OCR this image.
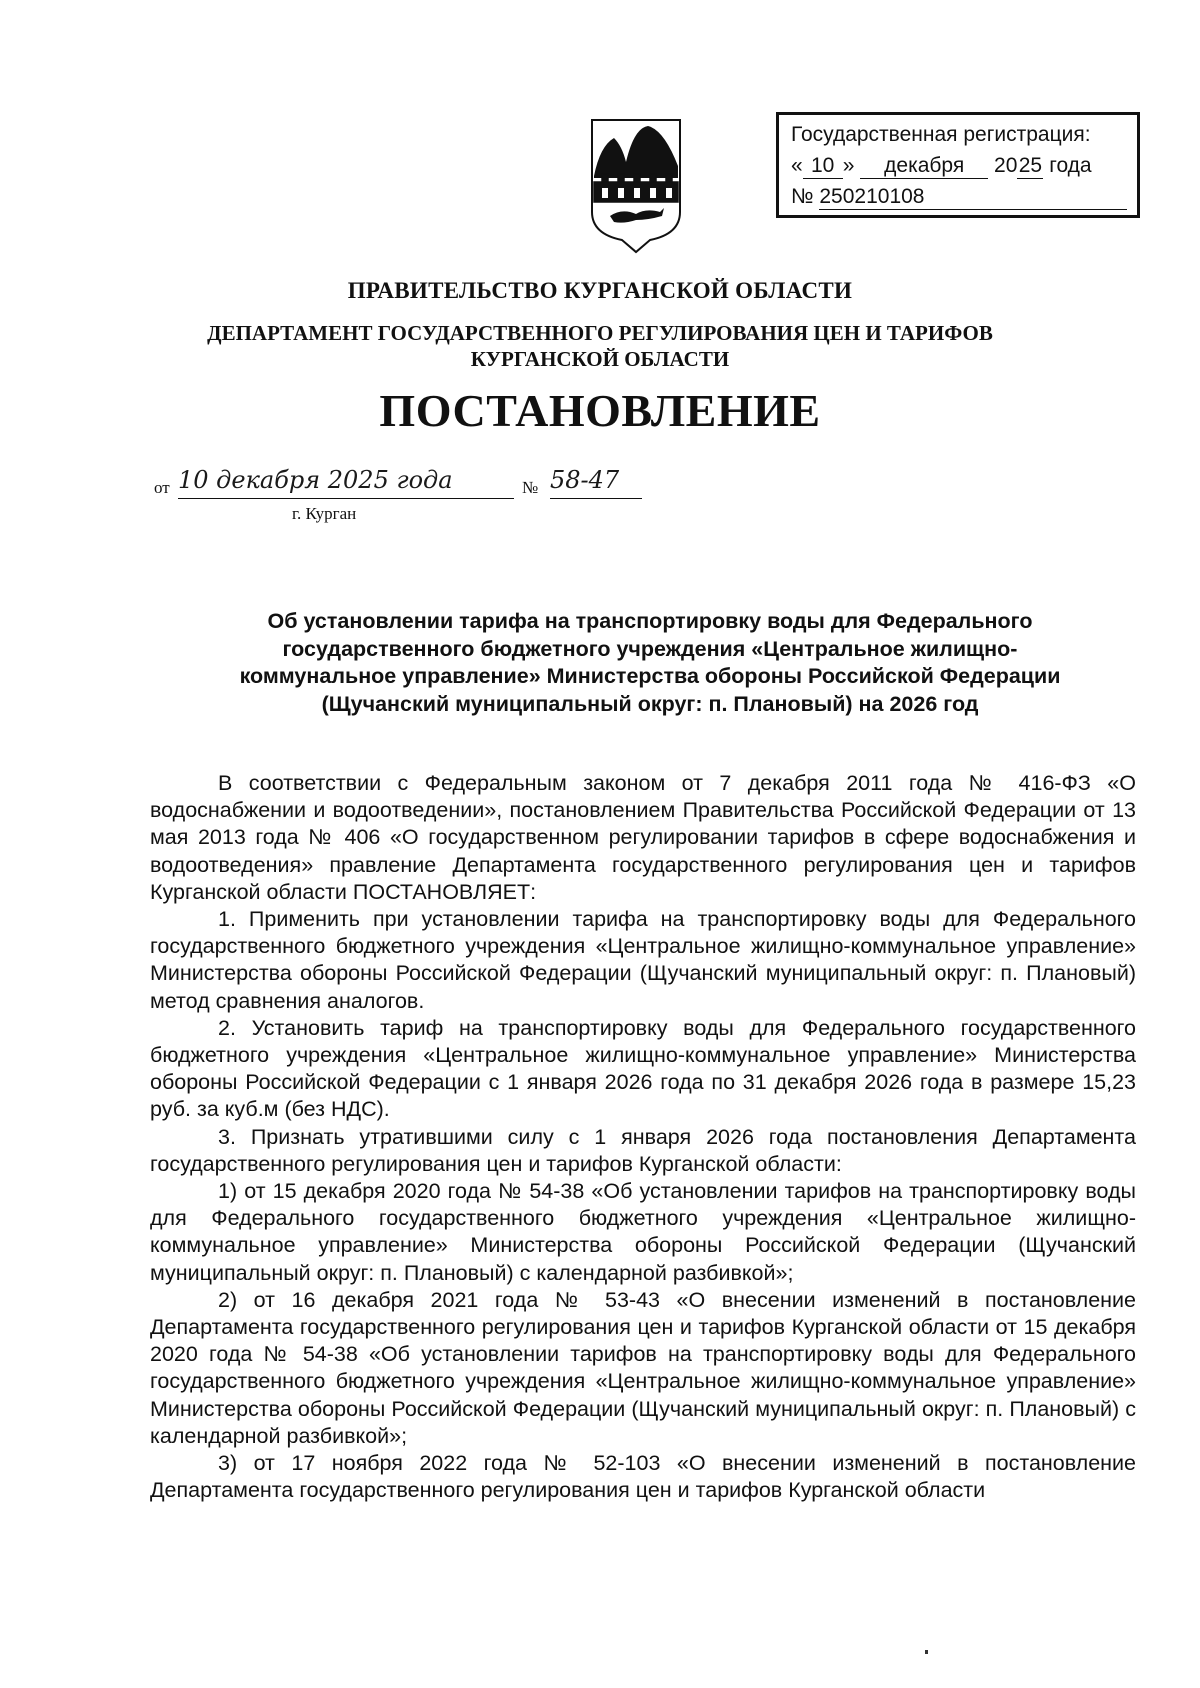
Государственная регистрация:
« 10 » декабря 2025 года
№ 250210108
ПРАВИТЕЛЬСТВО КУРГАНСКОЙ ОБЛАСТИ
ДЕПАРТАМЕНТ ГОСУДАРСТВЕННОГО РЕГУЛИРОВАНИЯ ЦЕН И ТАРИФОВ
КУРГАНСКОЙ ОБЛАСТИ
ПОСТАНОВЛЕНИЕ
от 10 декабря 2025 года	№ 58-47
г. Курган
Об установлении тарифа на транспортировку воды для Федерального
государственного бюджетного учреждения «Центральное жилищно-
коммунальное управление» Министерства обороны Российской Федерации
(Щучанский муниципальный округ: п. Плановый) на 2026 год

В соответствии с Федеральным законом от 7 декабря 2011 года № 416-ФЗ «О водоснабжении и водоотведении», постановлением Правительства Российской Федерации от 13 мая 2013 года № 406 «О государственном регулировании тарифов в сфере водоснабжения и водоотведения» правление Департамента государственного регулирования цен и тарифов Курганской области ПОСТАНОВЛЯЕТ:

1. Применить при установлении тарифа на транспортировку воды для Федерального государственного бюджетного учреждения «Центральное жилищно-коммунальное управление» Министерства обороны Российской Федерации (Щучанский муниципальный округ: п. Плановый) метод сравнения аналогов.

2. Установить тариф на транспортировку воды для Федерального государственного бюджетного учреждения «Центральное жилищно-коммунальное управление» Министерства обороны Российской Федерации с 1 января 2026 года по 31 декабря 2026 года в размере 15,23 руб. за куб.м (без НДС).

3. Признать утратившими силу с 1 января 2026 года постановления Департамента государственного регулирования цен и тарифов Курганской области:

1) от 15 декабря 2020 года № 54-38 «Об установлении тарифов на транспортировку воды для Федерального государственного бюджетного учреждения «Центральное жилищно-коммунальное управление» Министерства обороны Российской Федерации (Щучанский муниципальный округ: п. Плановый) с календарной разбивкой»;

2) от 16 декабря 2021 года № 53-43 «О внесении изменений в постановление Департамента государственного регулирования цен и тарифов Курганской области от 15 декабря 2020 года № 54-38 «Об установлении тарифов на транспортировку воды для Федерального государственного бюджетного учреждения «Центральное жилищно-коммунальное управление» Министерства обороны Российской Федерации (Щучанский муниципальный округ: п. Плановый) с календарной разбивкой»;

3) от 17 ноября 2022 года № 52-103 «О внесении изменений в постановление Департамента государственного регулирования цен и тарифов Курганской области
